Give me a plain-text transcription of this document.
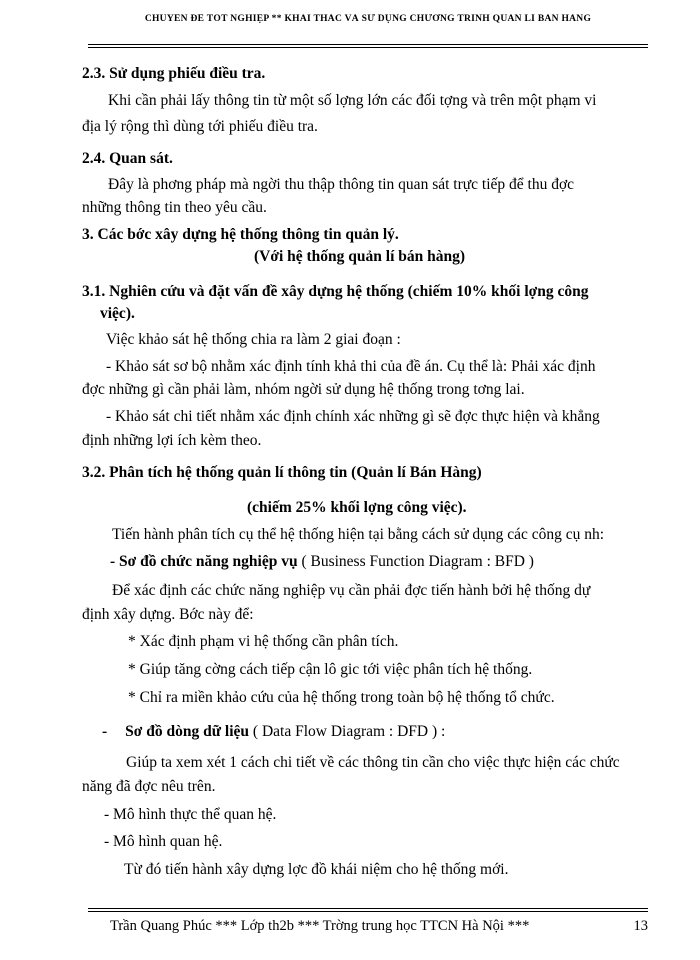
CHUYÊN ĐỀ TỐT NGHIỆP ** KHAI THÁC VÀ SỬ DỤNG CHƯƠNG TRÌNH QUẢN LÍ BÁN HÀNG
2.3. Sử dụng phiếu điều tra.
Khi cần phải lấy thông tin từ một số lợng lớn các đối tợng và trên một phạm vi
địa lý rộng thì dùng tới phiếu điều tra.
2.4. Quan sát.
Đây là phơng pháp mà ngời thu thập thông tin quan sát trực tiếp để thu đợc
những thông tin theo yêu cầu.
3. Các bớc xây dựng hệ thống thông tin quản lý.
(Với hệ thống quản lí bán hàng)
3.1. Nghiên cứu và đặt vấn đề xây dựng hệ thống (chiếm 10% khối lợng công
việc).
Việc khảo sát hệ thống chia ra làm 2 giai đoạn :
- Khảo sát sơ bộ nhằm xác định tính khả thi của đề án. Cụ thể là: Phải xác định
đợc những gì cần phải làm, nhóm ngời sử dụng hệ thống trong tơng lai.
- Khảo sát chi tiết nhằm xác định chính xác những gì sẽ đợc thực hiện và khẳng
định những lợi ích kèm theo.
3.2. Phân tích hệ thống quản lí thông tin (Quản lí Bán Hàng)
(chiếm 25% khối lợng công việc).
Tiến hành phân tích cụ thể hệ thống hiện tại bằng cách sử dụng các công cụ nh:
- Sơ đồ chức năng nghiệp vụ ( Business Function Diagram : BFD )
Để xác định các chức năng nghiệp vụ cần phải đợc tiến hành bởi hệ thống dự
định xây dựng. Bớc này để:
* Xác định phạm vi hệ thống cần phân tích.
* Giúp tăng cờng cách tiếp cận lô gic tới việc phân tích hệ thống.
* Chỉ ra miền khảo cứu của hệ thống trong toàn bộ hệ thống tổ chức.
- Sơ đồ dòng dữ liệu ( Data Flow Diagram : DFD ) :
Giúp ta xem xét 1 cách chi tiết về các thông tin cần cho việc thực hiện các chức
năng đã đợc nêu trên.
- Mô hình thực thể quan hệ.
- Mô hình quan hệ.
Từ đó tiến hành xây dựng lợc đồ khái niệm cho hệ thống mới.
Trần Quang Phúc *** Lớp th2b *** Trờng trung học TTCN Hà Nội ***	13
